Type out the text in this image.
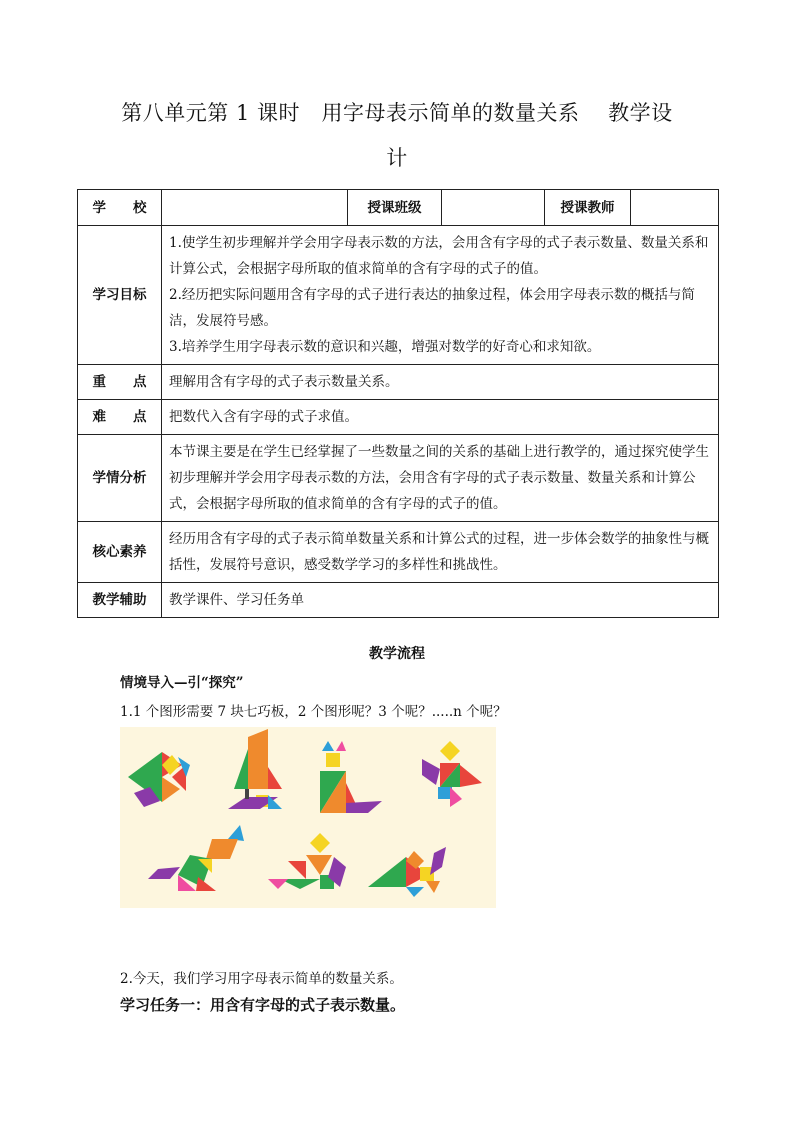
第八单元第 1 课时　用字母表示简单的数量关系　 教学设
计
学　　校		授课班级		授课教师	
学习目标	1.使学生初步理解并学会用字母表示数的方法，会用含有字母的式子表示数量、数量关系和计算公式，会根据字母所取的值求简单的含有字母的式子的值。
2.经历把实际问题用含有字母的式子进行表达的抽象过程，体会用字母表示数的概括与简洁，发展符号感。
3.培养学生用字母表示数的意识和兴趣，增强对数学的好奇心和求知欲。				

重　　点	理解用含有字母的式子表示数量关系。				
难　　点	把数代入含有字母的式子求值。				
学情分析	本节课主要是在学生已经掌握了一些数量之间的关系的基础上进行教学的，通过探究使学生初步理解并学会用字母表示数的方法，会用含有字母的式子表示数量、数量关系和计算公式，会根据字母所取的值求简单的含有字母的式子的值。				
核心素养	经历用含有字母的式子表示简单数量关系和计算公式的过程，进一步体会数学的抽象性与概括性，发展符号意识，感受数学学习的多样性和挑战性。				
教学辅助	教学课件、学习任务单				
教学流程
情境导入—引“探究”
1.1 个图形需要 7 块七巧板，2 个图形呢？3 个呢？.....n 个呢？
2.今天，我们学习用字母表示简单的数量关系。
学习任务一：用含有字母的式子表示数量。
